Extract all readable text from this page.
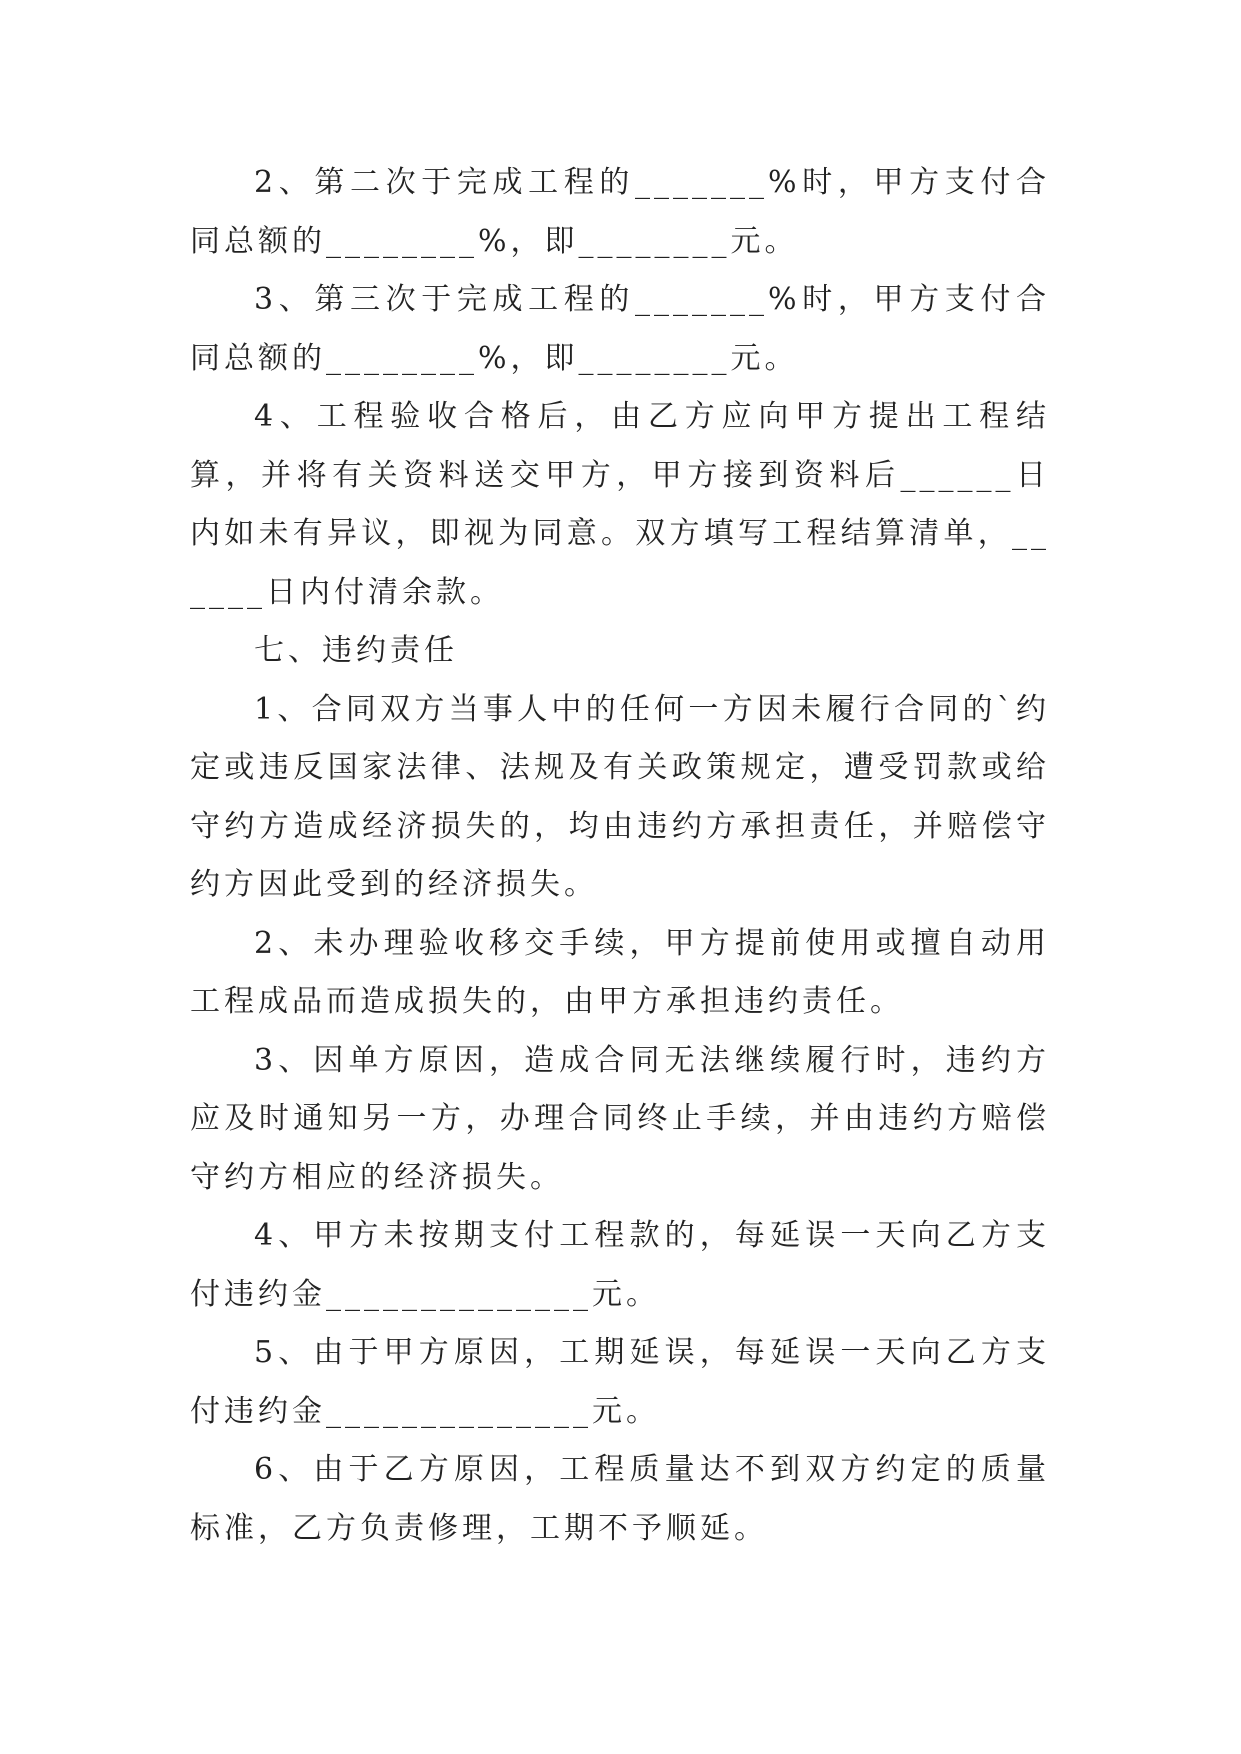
2、第二次于完成工程的_______%时，甲方支付合同总额的________%，即________元。

3、第三次于完成工程的_______%时，甲方支付合同总额的________%，即________元。

4、工程验收合格后，由乙方应向甲方提出工程结算，并将有关资料送交甲方，甲方接到资料后______日内如未有异议，即视为同意。双方填写工程结算清单，______日内付清余款。

七、违约责任

1、合同双方当事人中的任何一方因未履行合同的`约定或违反国家法律、法规及有关政策规定，遭受罚款或给守约方造成经济损失的，均由违约方承担责任，并赔偿守约方因此受到的经济损失。

2、未办理验收移交手续，甲方提前使用或擅自动用工程成品而造成损失的，由甲方承担违约责任。

3、因单方原因，造成合同无法继续履行时，违约方应及时通知另一方，办理合同终止手续，并由违约方赔偿守约方相应的经济损失。

4、甲方未按期支付工程款的，每延误一天向乙方支付违约金______________元。

5、由于甲方原因，工期延误，每延误一天向乙方支付违约金______________元。

6、由于乙方原因，工程质量达不到双方约定的质量标准，乙方负责修理，工期不予顺延。
